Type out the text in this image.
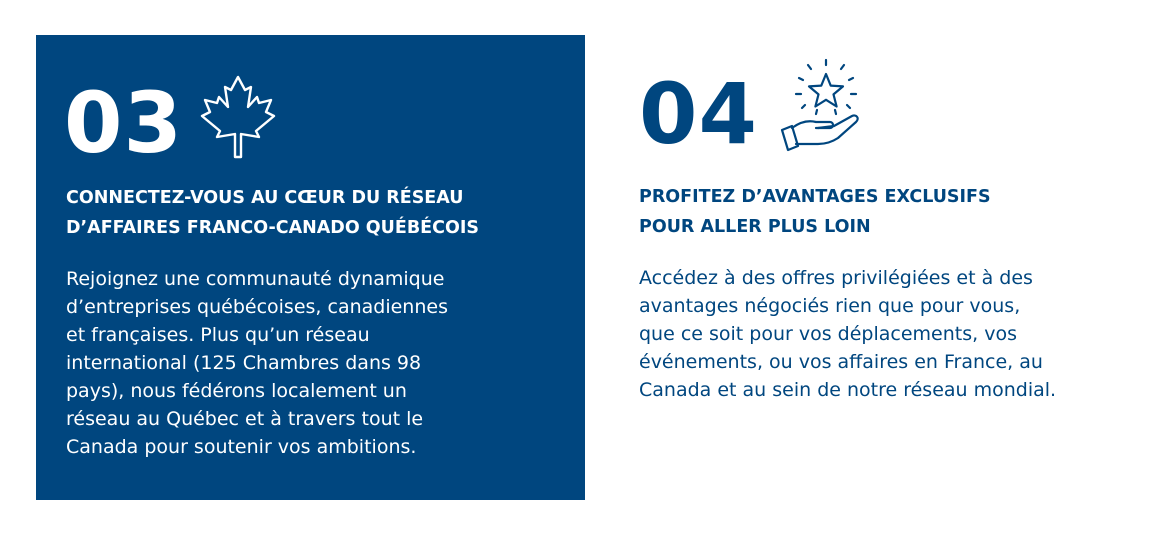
03
CONNECTEZ-VOUS AU CŒUR DU RÉSEAU
D’AFFAIRES FRANCO-CANADO QUÉBÉCOIS
Rejoignez une communauté dynamique
d’entreprises québécoises, canadiennes
et françaises. Plus qu’un réseau
international (125 Chambres dans 98
pays), nous fédérons localement un
réseau au Québec et à travers tout le
Canada pour soutenir vos ambitions.
04
PROFITEZ D’AVANTAGES EXCLUSIFS
POUR ALLER PLUS LOIN
Accédez à des offres privilégiées et à des
avantages négociés rien que pour vous,
que ce soit pour vos déplacements, vos
événements, ou vos affaires en France, au
Canada et au sein de notre réseau mondial.
